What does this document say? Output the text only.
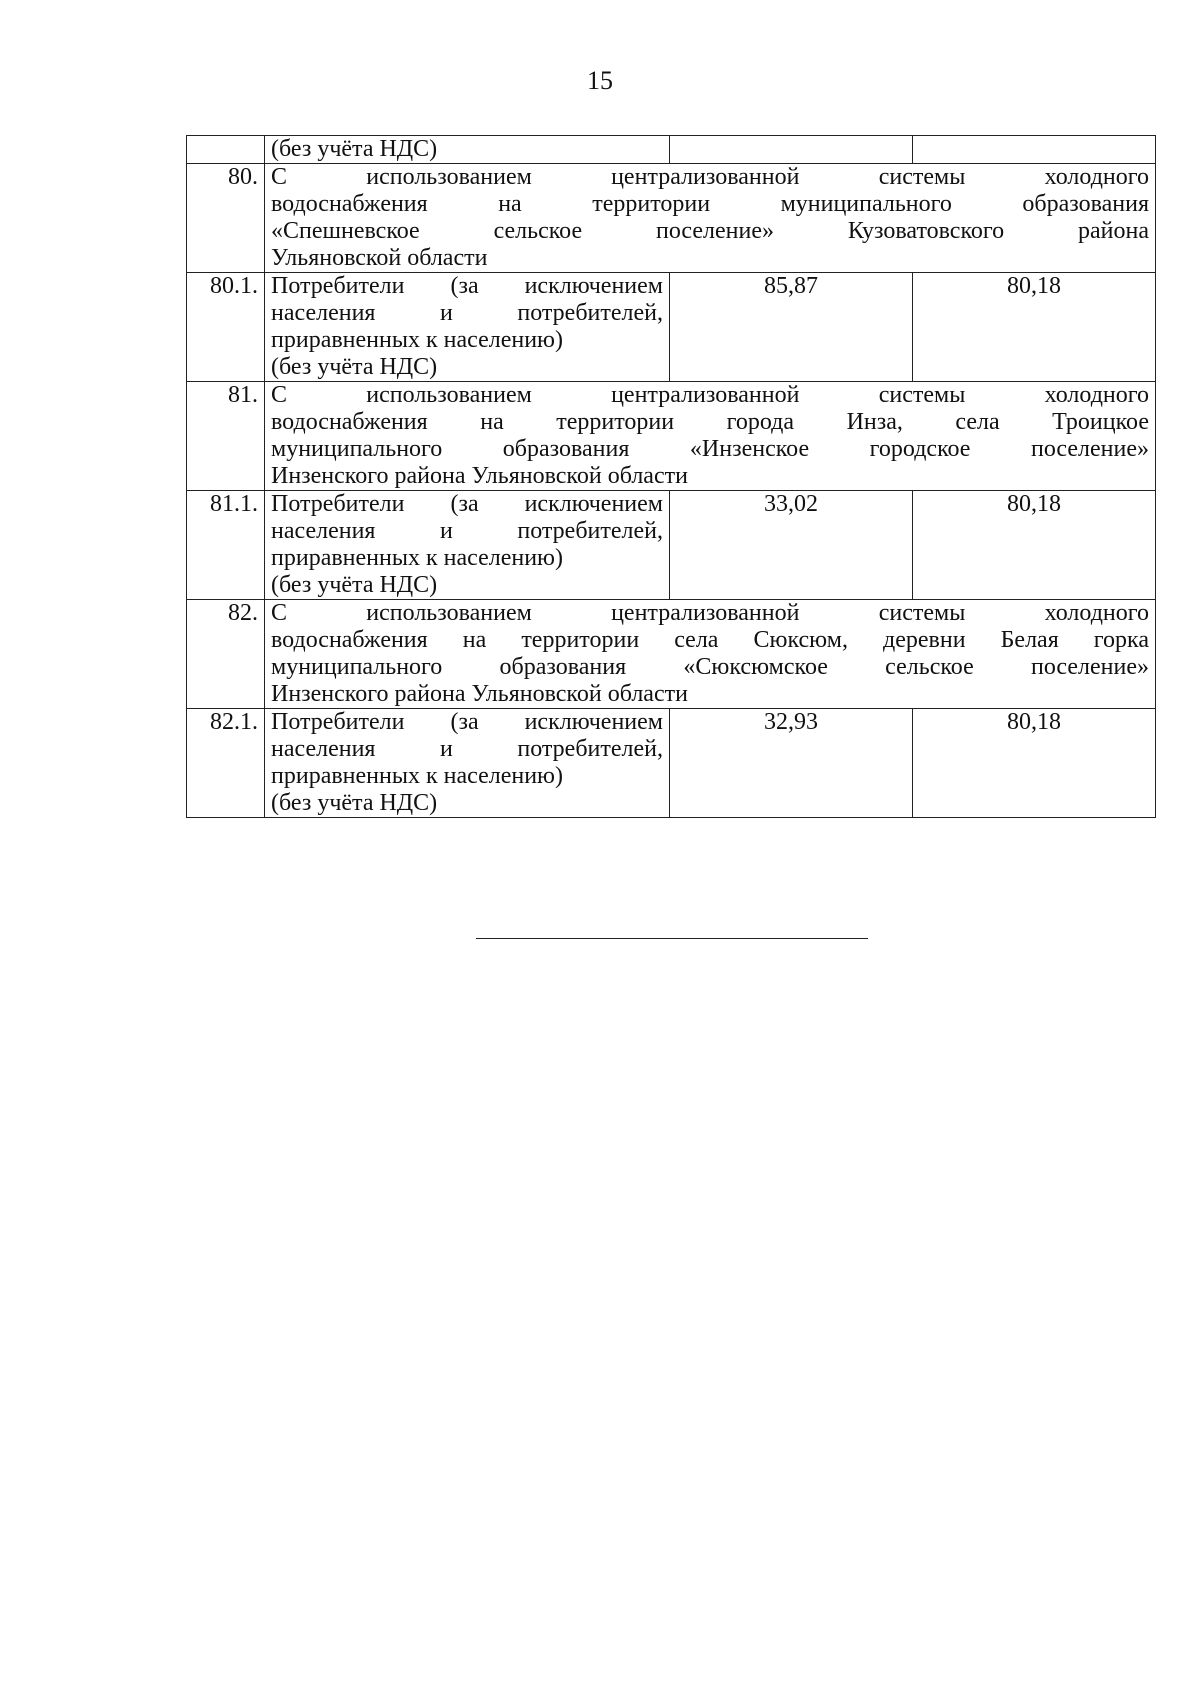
15

	(без учёта НДС)		

80.	С использованием централизованной системы холодного
водоснабжения на территории муниципального образования
«Спешневское сельское поселение» Кузоватовского района
Ульяновской области		

80.1.	Потребители (за исключением
населения и потребителей,
приравненных к населению)
(без учёта НДС)	85,87	80,18
81.	С использованием централизованной системы холодного
водоснабжения на территории города Инза, села Троицкое
муниципального образования «Инзенское городское поселение»
Инзенского района Ульяновской области		

81.1.	Потребители (за исключением
населения и потребителей,
приравненных к населению)
(без учёта НДС)	33,02	80,18
82.	С использованием централизованной системы холодного
водоснабжения на территории села Сюксюм, деревни Белая горка
муниципального образования «Сюксюмское сельское поселение»
Инзенского района Ульяновской области		

82.1.	Потребители (за исключением
населения и потребителей,
приравненных к населению)
(без учёта НДС)	32,93	80,18
